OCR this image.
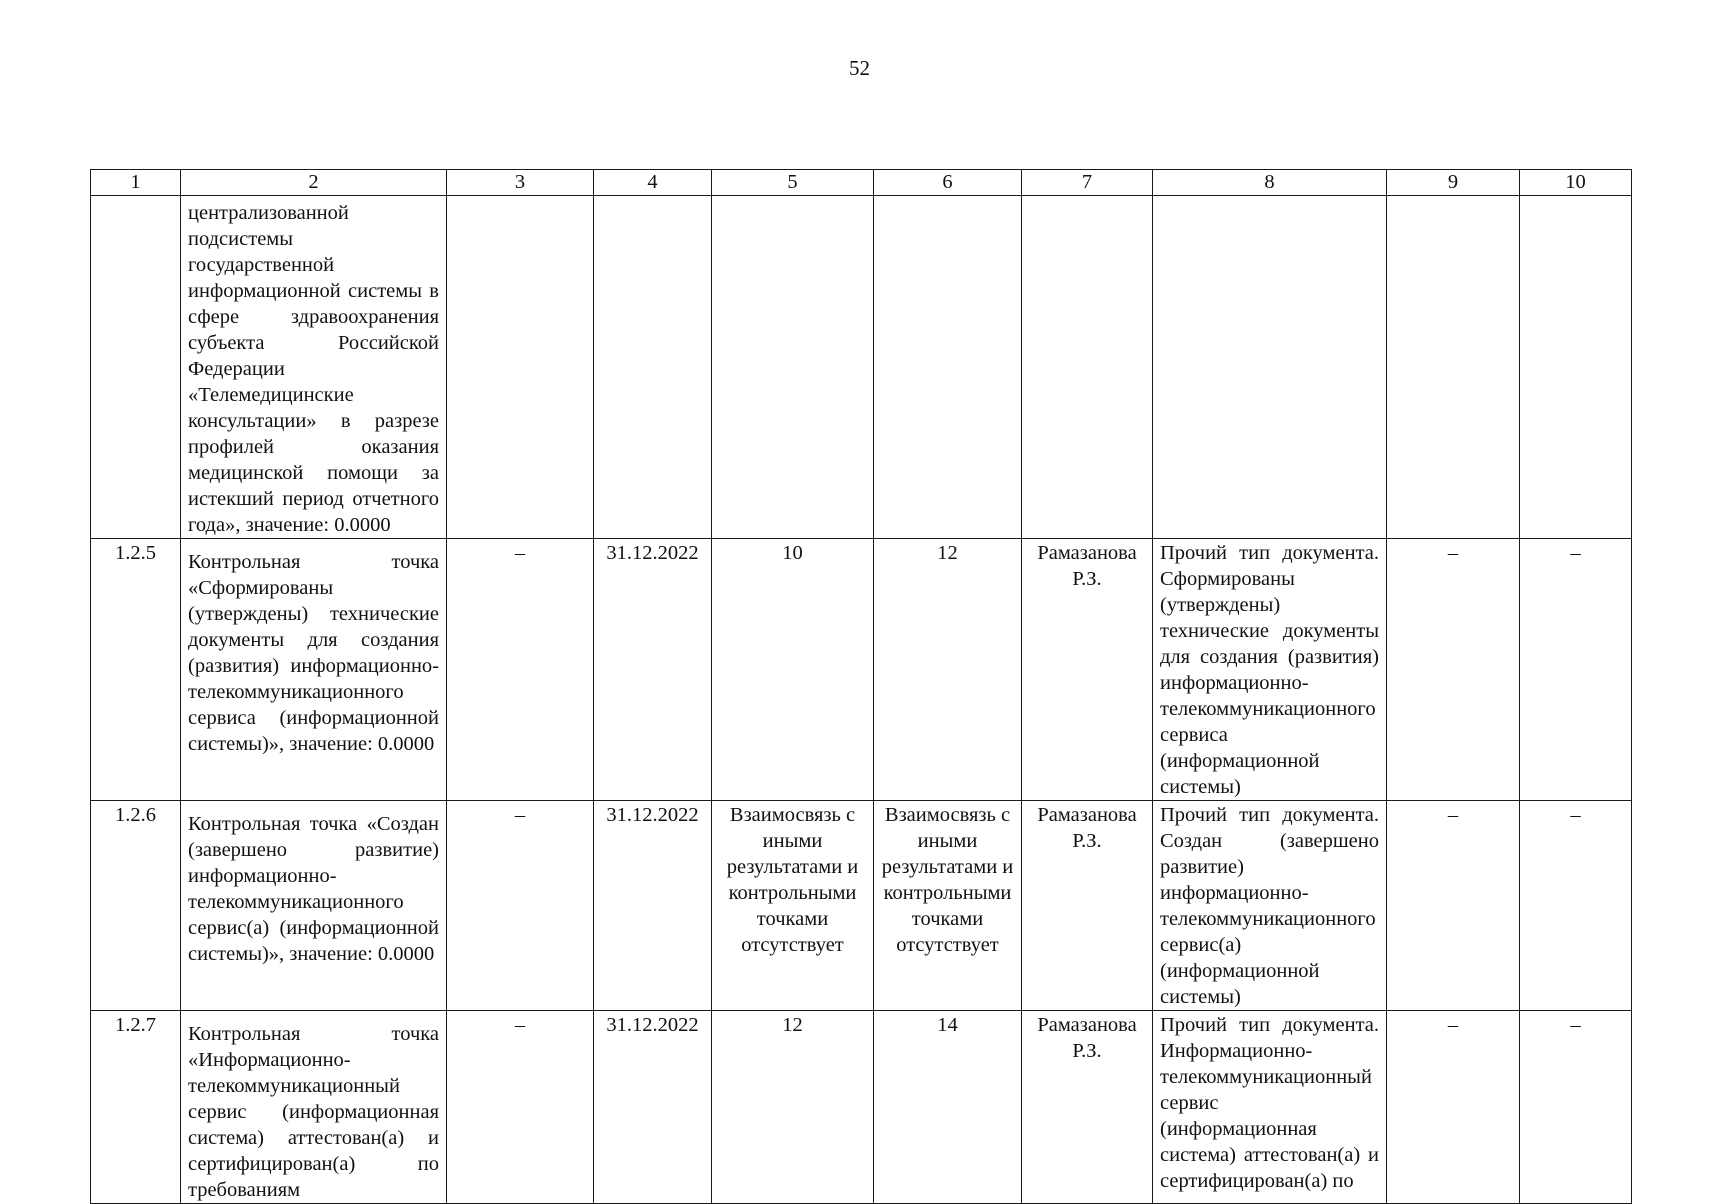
52
1	2	3	4	5	6	7	8	9	10
	централизованной подсистемы государственной информационной системы в сфере здравоохранения субъекта Российской Федерации «Телемедицинские консультации» в разрезе профилей оказания медицинской помощи за истекший период отчетного года», значение: 0.0000								
1.2.5	Контрольная точка «Сформированы (утверждены) технические документы для создания (развития) информационно-телекоммуникационного сервиса (информационной системы)», значение: 0.0000	–	31.12.2022	10	12	Рамазанова Р.З.	Прочий тип документа. Сформированы (утверждены) технические документы для создания (развития) информационно-телекоммуникационного сервиса (информационной системы)	–	–
1.2.6	Контрольная точка «Создан (завершено развитие) информационно-телекоммуникационного сервис(а) (информационной системы)», значение: 0.0000	–	31.12.2022	Взаимосвязь с иными результатами и контрольными точками отсутствует	Взаимосвязь с иными результатами и контрольными точками отсутствует	Рамазанова Р.З.	Прочий тип документа. Создан (завершено развитие) информационно-телекоммуникационного сервис(а) (информационной системы)	–	–
1.2.7	Контрольная точка «Информационно-телекоммуникационный сервис (информационная система) аттестован(а) и сертифицирован(а) по требованиям	–	31.12.2022	12	14	Рамазанова Р.З.	Прочий тип документа. Информационно-телекоммуникационный сервис (информационная система) аттестован(а) и сертифицирован(а) по	–	–
